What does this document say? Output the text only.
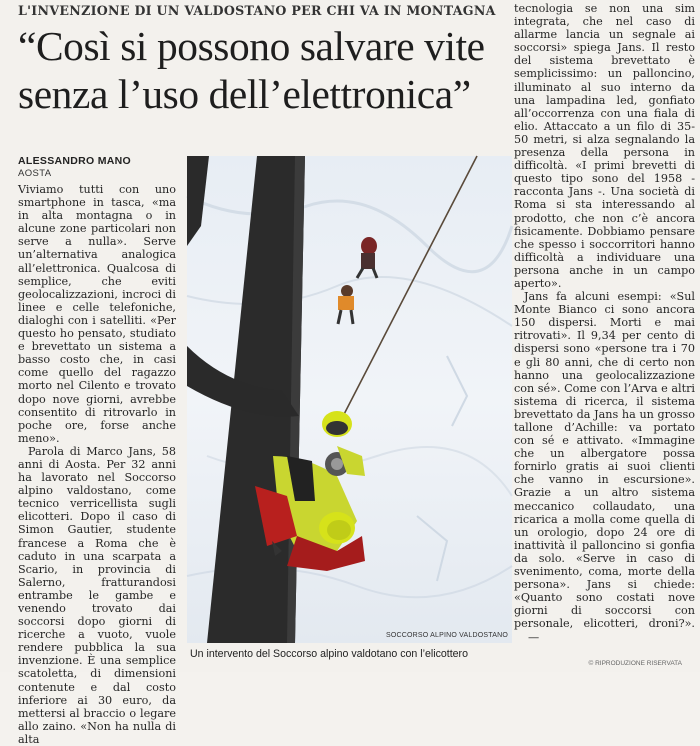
L'INVENZIONE DI UN VALDOSTANO PER CHI VA IN MONTAGNA
“Così si possono salvare vite senza l’uso dell’elettronica”
ALESSANDRO MANO
AOSTA

Viviamo tutti con uno smartphone in tasca, «ma in alta montagna o in alcune zone particolari non serve a nulla». Serve un’alternativa analogica all’elettronica. Qualcosa di semplice, che eviti geolocalizzazioni, incroci di linee e celle telefoniche, dialoghi con i satelliti. «Per questo ho pensato, studiato e brevettato un sistema a basso costo che, in casi come quello del ragazzo morto nel Cilento e trovato dopo nove giorni, avrebbe consentito di ritrovarlo in poche ore, forse anche meno».

Parola di Marco Jans, 58 anni di Aosta. Per 32 anni ha lavorato nel Soccorso alpino valdostano, come tecnico verricellista sugli elicotteri. Dopo il caso di Simon Gautier, studente francese a Roma che è caduto in una scarpata a Scario, in provincia di Salerno, fratturandosi entrambe le gambe e venendo trovato dai soccorsi dopo giorni di ricerche a vuoto, vuole rendere pubblica la sua invenzione. È una semplice scatoletta, di dimensioni contenute e dal costo inferiore ai 30 euro, da mettersi al braccio o legare allo zaino. «Non ha nulla di alta

SOCCORSO ALPINO VALDOSTANO
Un intervento del Soccorso alpino valdotano con l’elicottero

tecnologia se non una sim integrata, che nel caso di allarme lancia un segnale ai soccorsi» spiega Jans. Il resto del sistema brevettato è semplicissimo: un palloncino, illuminato al suo interno da una lampadina led, gonfiato all’occorrenza con una fiala di elio. Attaccato a un filo di 35-50 metri, si alza segnalando la presenza della persona in difficoltà. «I primi brevetti di questo tipo sono del 1958 - racconta Jans -. Una società di Roma si sta interessando al prodotto, che non c’è ancora fisicamente. Dobbiamo pensare che spesso i soccorritori hanno difficoltà a individuare una persona anche in un campo aperto».

Jans fa alcuni esempi: «Sul Monte Bianco ci sono ancora 150 dispersi. Morti e mai ritrovati». Il 9,34 per cento di dispersi sono «persone tra i 70 e gli 80 anni, che di certo non hanno una geolocalizzazione con sé». Come con l’Arva e altri sistema di ricerca, il sistema brevettato da Jans ha un grosso tallone d’Achille: va portato con sé e attivato. «Immagine che un albergatore possa fornirlo gratis ai suoi clienti che vanno in escursione». Grazie a un altro sistema meccanico collaudato, una ricarica a molla come quella di un orologio, dopo 24 ore di inattività il palloncino si gonfia da solo. «Serve in caso di svenimento, coma, morte della persona». Jans si chiede: «Quanto sono costati nove giorni di soccorsi con personale, elicotteri, droni?».—

© RIPRODUZIONE RISERVATA
